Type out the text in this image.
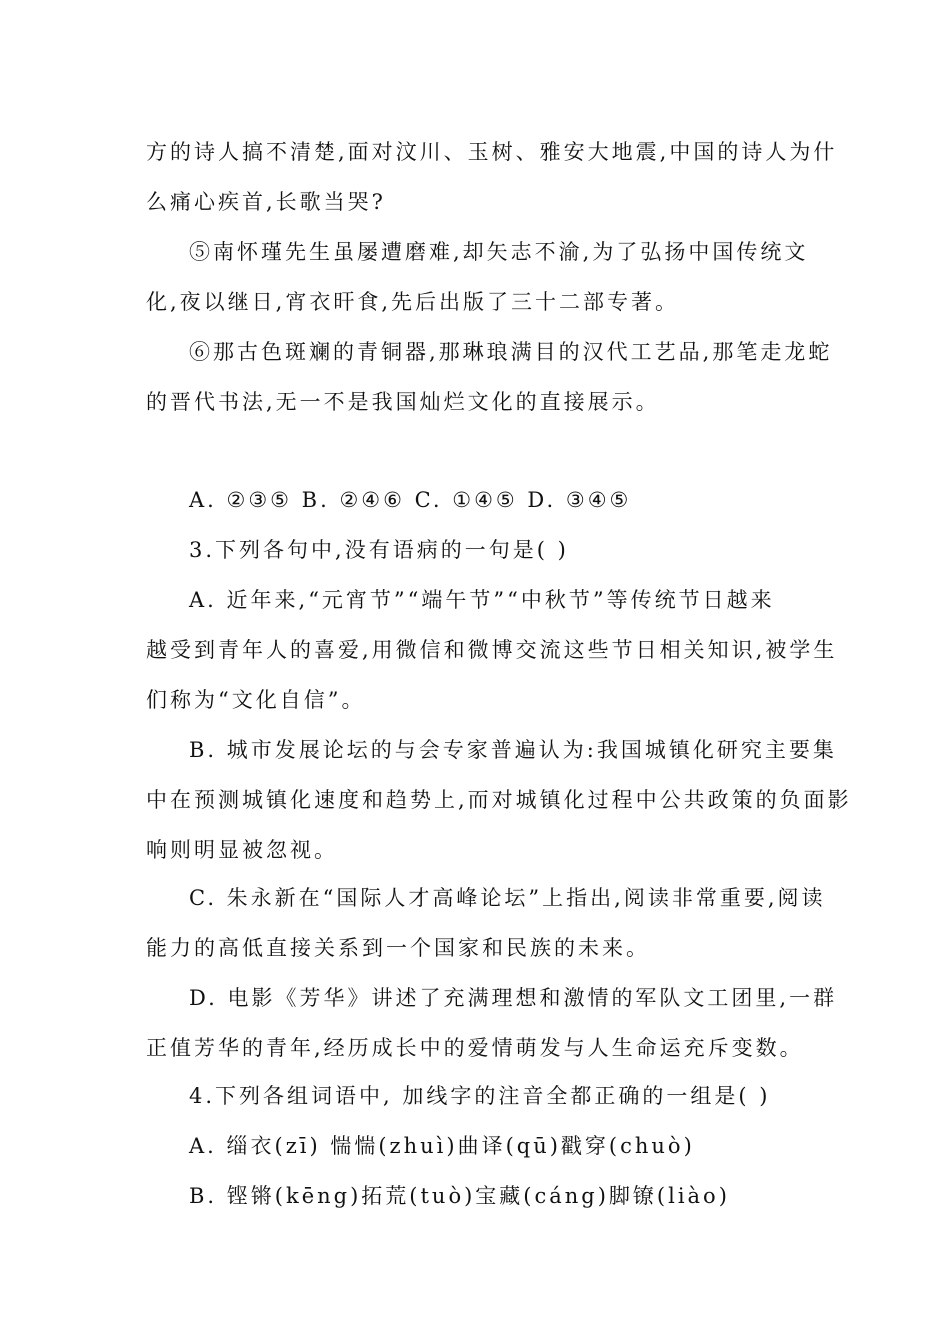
方的诗人搞不清楚,面对汶川、玉树、雅安大地震,中国的诗人为什
么痛心疾首,长歌当哭?
⑤南怀瑾先生虽屡遭磨难,却矢志不渝,为了弘扬中国传统文
化,夜以继日,宵衣旰食,先后出版了三十二部专著。
⑥那古色斑斓的青铜器,那琳琅满目的汉代工艺品,那笔走龙蛇
的晋代书法,无一不是我国灿烂文化的直接展示。
A. ②③⑤ B. ②④⑥ C. ①④⑤ D. ③④⑤
3.下列各句中,没有语病的一句是( )
A. 近年来,“元宵节”“端午节”“中秋节”等传统节日越来
越受到青年人的喜爱,用微信和微博交流这些节日相关知识,被学生
们称为“文化自信”。
B. 城市发展论坛的与会专家普遍认为:我国城镇化研究主要集
中在预测城镇化速度和趋势上,而对城镇化过程中公共政策的负面影
响则明显被忽视。
C. 朱永新在“国际人才高峰论坛”上指出,阅读非常重要,阅读
能力的高低直接关系到一个国家和民族的未来。
D. 电影《芳华》讲述了充满理想和激情的军队文工团里,一群
正值芳华的青年,经历成长中的爱情萌发与人生命运充斥变数。
4.下列各组词语中, 加线字的注音全都正确的一组是( )
A. 缁衣(zī) 惴惴(zhuì)曲译(qū)戳穿(chuò)
B. 铿锵(kēng)拓荒(tuò)宝藏(cáng)脚镣(liào)
